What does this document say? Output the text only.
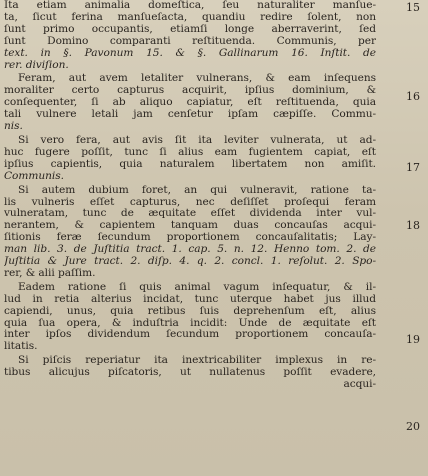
Ita etiam animalia domeſtica, ſeu naturaliter manſue-
ta, ſicut ferina manſueſacta, quandiu redire ſolent, non
ſunt primo occupantis, etiamſi longe aberraverint, ſed
ſunt Domino comparanti reſtituenda. Communis, per
text. in §. Pavonum 15. & §. Gallinarum 16. Inſtit. de
rer. diviſion.
Feram, aut avem letaliter vulnerans, & eam inſequens
moraliter certo capturus acquirit, ipſius dominium, &
conſequenter, ſi ab aliquo capiatur, eſt reſtituenda, quia
tali vulnere letali jam cenſetur ipſam cæpiſſe. Commu-
nis.
Si vero fera, aut avis ſit ita leviter vulnerata, ut ad-
huc fugere poſſit, tunc ſi alius eam fugientem capiat, eſt
ipſius capientis, quia naturalem libertatem non amiſit.
Communis.
Si autem dubium foret, an qui vulneravit, ratione ta-
lis vulneris eſſet capturus, nec deſiſſet proſequi feram
vulneratam, tunc de æquitate eſſet dividenda inter vul-
nerantem, & capientem tanquam duas concauſas acqui-
ſitionis feræ ſecundum proportionem concauſalitatis; Lay-
man lib. 3. de Juſtitia tract. 1. cap. 5. n. 12. Henno tom. 2. de
Juſtitia & Jure tract. 2. diſp. 4. q. 2. concl. 1. reſolut. 2. Spo-
rer, & alii paſſim.
Eadem ratione ſi quis animal vagum inſequatur, & il-
lud in retia alterius incidat, tunc uterque habet jus illud
capiendi, unus, quia retibus ſuis deprehenſum eſt, alius
quia ſua opera, & induſtria incidit: Unde de æquitate eſt
inter ipſos dividendum ſecundum proportionem concauſa-
litatis.
Si piſcis reperiatur ita inextricabiliter implexus in re-
tibus alicujus piſcatoris, ut nullatenus poſſit evadere,
acqui-
15
16
17
18
19
20
